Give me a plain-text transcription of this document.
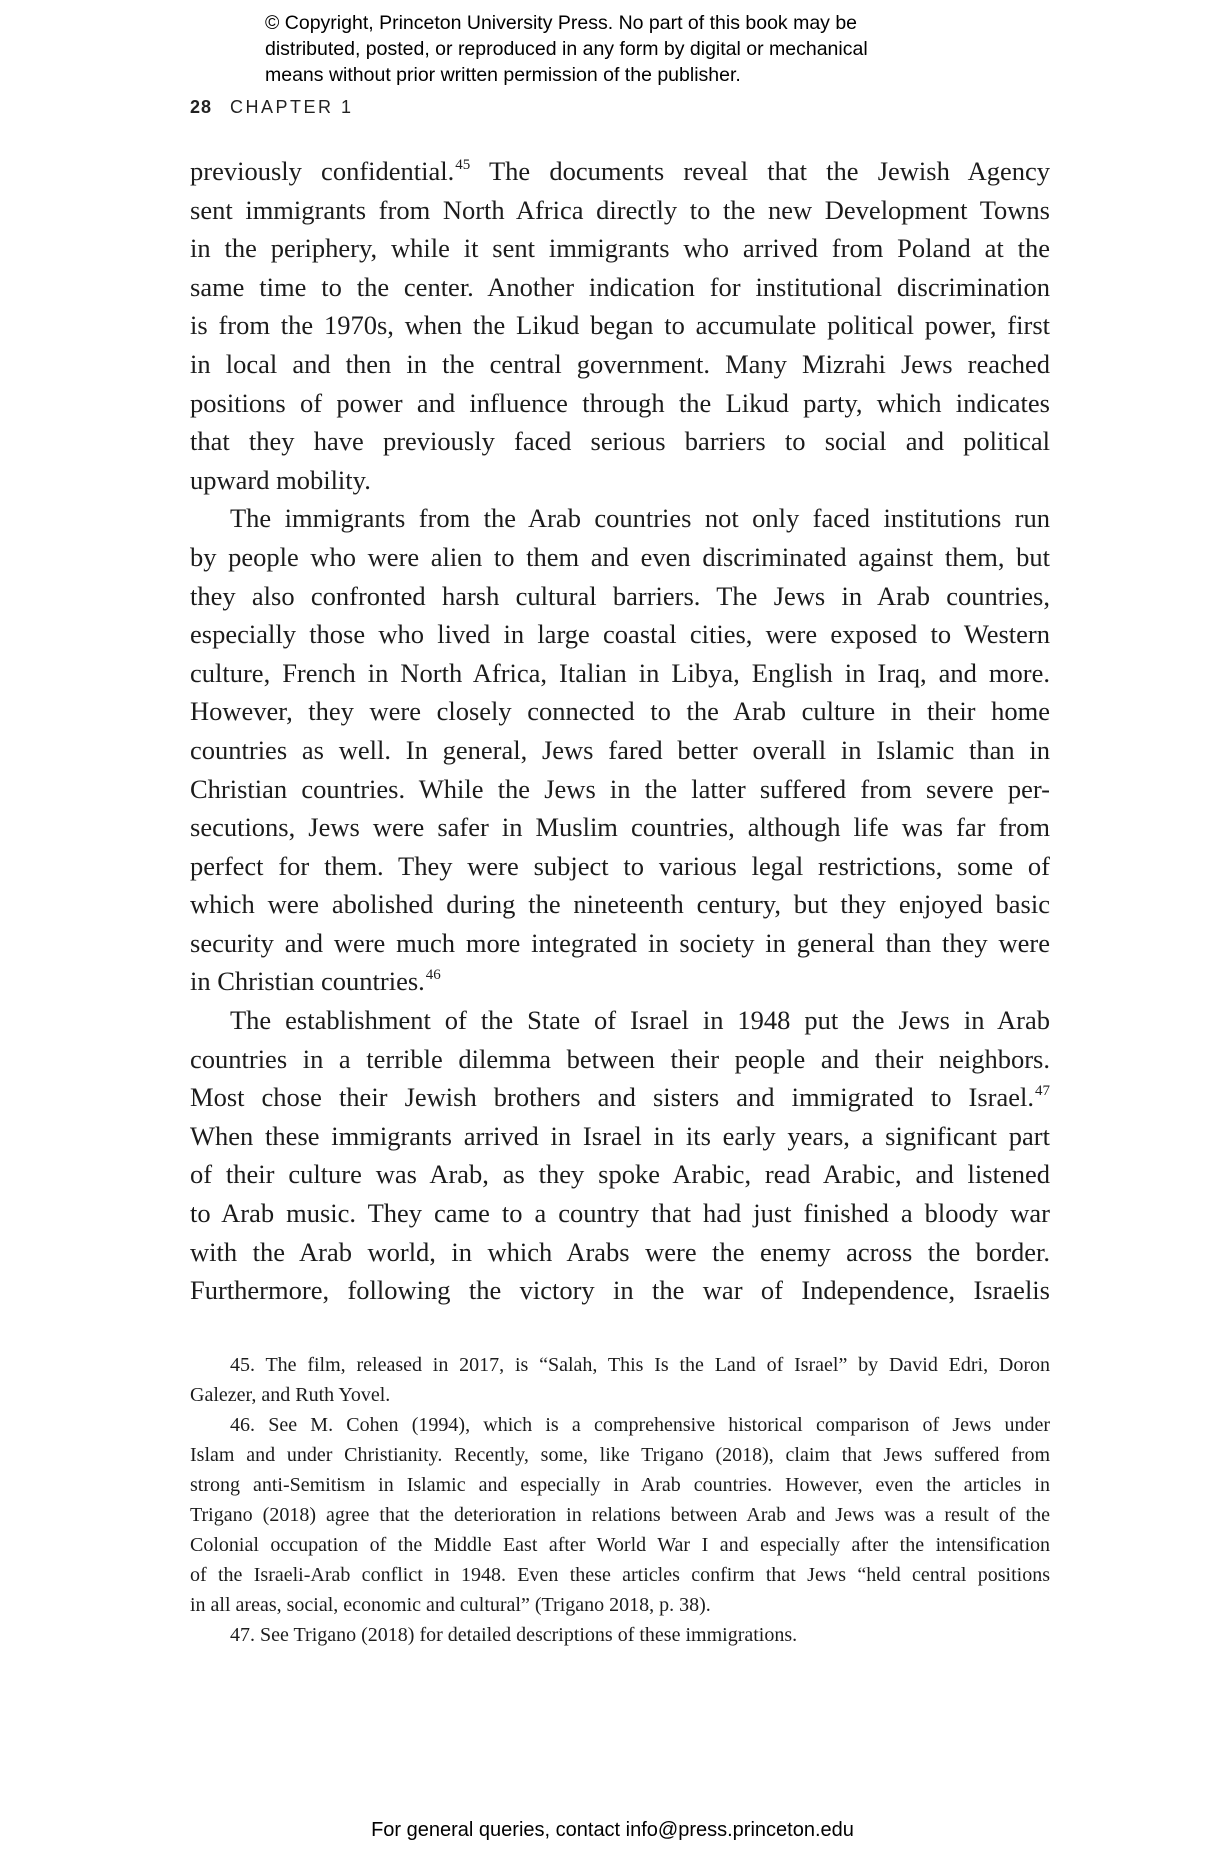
© Copyright, Princeton University Press. No part of this book may be
distributed, posted, or reproduced in any form by digital or mechanical
means without prior written permission of the publisher.
28 CHAPTER 1
previously confidential.$^{45}$ The documents reveal that the Jewish Agency
sent immigrants from North Africa directly to the new Development Towns
in the periphery, while it sent immigrants who arrived from Poland at the
same time to the center. Another indication for institutional discrimination
is from the 1970s, when the Likud began to accumulate political power, first
in local and then in the central government. Many Mizrahi Jews reached
positions of power and influence through the Likud party, which indicates
that they have previously faced serious barriers to social and political
upward mobility.
The immigrants from the Arab countries not only faced institutions run
by people who were alien to them and even discriminated against them, but
they also confronted harsh cultural barriers. The Jews in Arab countries,
especially those who lived in large coastal cities, were exposed to Western
culture, French in North Africa, Italian in Libya, English in Iraq, and more.
However, they were closely connected to the Arab culture in their home
countries as well. In general, Jews fared better overall in Islamic than in
Christian countries. While the Jews in the latter suffered from severe per-
secutions, Jews were safer in Muslim countries, although life was far from
perfect for them. They were subject to various legal restrictions, some of
which were abolished during the nineteenth century, but they enjoyed basic
security and were much more integrated in society in general than they were
in Christian countries.$^{46}$
The establishment of the State of Israel in 1948 put the Jews in Arab
countries in a terrible dilemma between their people and their neighbors.
Most chose their Jewish brothers and sisters and immigrated to Israel.$^{47}$
When these immigrants arrived in Israel in its early years, a significant part
of their culture was Arab, as they spoke Arabic, read Arabic, and listened
to Arab music. They came to a country that had just finished a bloody war
with the Arab world, in which Arabs were the enemy across the border.
Furthermore, following the victory in the war of Independence, Israelis
45. The film, released in 2017, is “Salah, This Is the Land of Israel” by David Edri, Doron
Galezer, and Ruth Yovel.
46. See M. Cohen (1994), which is a comprehensive historical comparison of Jews under
Islam and under Christianity. Recently, some, like Trigano (2018), claim that Jews suffered from
strong anti-Semitism in Islamic and especially in Arab countries. However, even the articles in
Trigano (2018) agree that the deterioration in relations between Arab and Jews was a result of the
Colonial occupation of the Middle East after World War I and especially after the intensification
of the Israeli-Arab conflict in 1948. Even these articles confirm that Jews “held central positions
in all areas, social, economic and cultural” (Trigano 2018, p. 38).
47. See Trigano (2018) for detailed descriptions of these immigrations.
For general queries, contact info@press.princeton.edu
